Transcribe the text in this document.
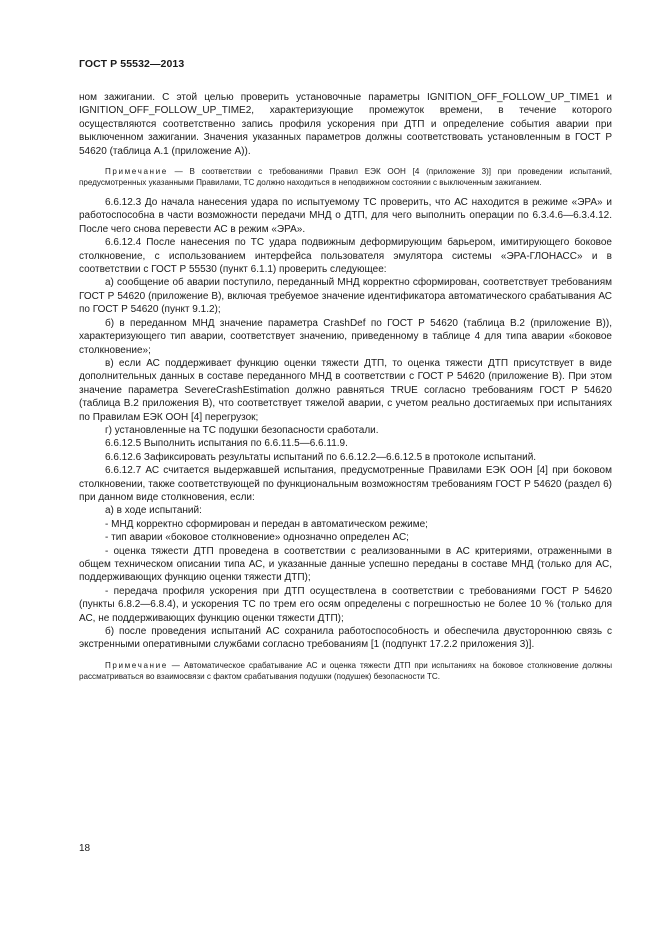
ГОСТ Р 55532—2013

ном зажигании. С этой целью проверить установочные параметры IGNITION_OFF_FOLLOW_UP_TIME1 и IGNITION_OFF_FOLLOW_UP_TIME2, характеризующие промежуток времени, в течение которого осуществляются соответственно запись профиля ускорения при ДТП и определение события аварии при выключенном зажигании. Значения указанных параметров должны соответствовать установленным в ГОСТ Р 54620 (таблица А.1 (приложение А)).

Примечание — В соответствии с требованиями Правил ЕЭК ООН [4 (приложение 3)] при проведении испытаний, предусмотренных указанными Правилами, ТС должно находиться в неподвижном состоянии с выключенным зажиганием.

6.6.12.3 До начала нанесения удара по испытуемому ТС проверить, что АС находится в режиме «ЭРА» и работоспособна в части возможности передачи МНД о ДТП, для чего выполнить операции по 6.3.4.6—6.3.4.12. После чего снова перевести АС в режим «ЭРА».

6.6.12.4 После нанесения по ТС удара подвижным деформирующим барьером, имитирующего боковое столкновение, с использованием интерфейса пользователя эмулятора системы «ЭРА-ГЛОНАСС» и в соответствии с ГОСТ Р 55530 (пункт 6.1.1) проверить следующее:

а) сообщение об аварии поступило, переданный МНД корректно сформирован, соответствует требованиям ГОСТ Р 54620 (приложение В), включая требуемое значение идентификатора автоматического срабатывания АС по ГОСТ Р 54620 (пункт 9.1.2);

б) в переданном МНД значение параметра CrashDef по ГОСТ Р 54620 (таблица В.2 (приложение В)), характеризующего тип аварии, соответствует значению, приведенному в таблице 4 для типа аварии «боковое столкновение»;

в) если АС поддерживает функцию оценки тяжести ДТП, то оценка тяжести ДТП присутствует в виде дополнительных данных в составе переданного МНД в соответствии с ГОСТ Р 54620 (приложение В). При этом значение параметра SevereCrashEstimation должно равняться TRUE согласно требованиям ГОСТ Р 54620 (таблица В.2 приложения В), что соответствует тяжелой аварии, с учетом реально достигаемых при испытаниях по Правилам ЕЭК ООН [4] перегрузок;

г) установленные на ТС подушки безопасности сработали.

6.6.12.5 Выполнить испытания по 6.6.11.5—6.6.11.9.

6.6.12.6 Зафиксировать результаты испытаний по 6.6.12.2—6.6.12.5 в протоколе испытаний.

6.6.12.7 АС считается выдержавшей испытания, предусмотренные Правилами ЕЭК ООН [4] при боковом столкновении, также соответствующей по функциональным возможностям требованиям ГОСТ Р 54620 (раздел 6) при данном виде столкновения, если:

а) в ходе испытаний:

- МНД корректно сформирован и передан в автоматическом режиме;

- тип аварии «боковое столкновение» однозначно определен АС;

- оценка тяжести ДТП проведена в соответствии с реализованными в АС критериями, отраженными в общем техническом описании типа АС, и указанные данные успешно переданы в составе МНД (только для АС, поддерживающих функцию оценки тяжести ДТП);

- передача профиля ускорения при ДТП осуществлена в соответствии с требованиями ГОСТ Р 54620 (пункты 6.8.2—6.8.4), и ускорения ТС по трем его осям определены с погрешностью не более 10 % (только для АС, не поддерживающих функцию оценки тяжести ДТП);

б) после проведения испытаний АС сохранила работоспособность и обеспечила двустороннюю связь с экстренными оперативными службами согласно требованиям [1 (подпункт 17.2.2 приложения 3)].

Примечание — Автоматическое срабатывание АС и оценка тяжести ДТП при испытаниях на боковое столкновение должны рассматриваться во взаимосвязи с фактом срабатывания подушки (подушек) безопасности ТС.

18
